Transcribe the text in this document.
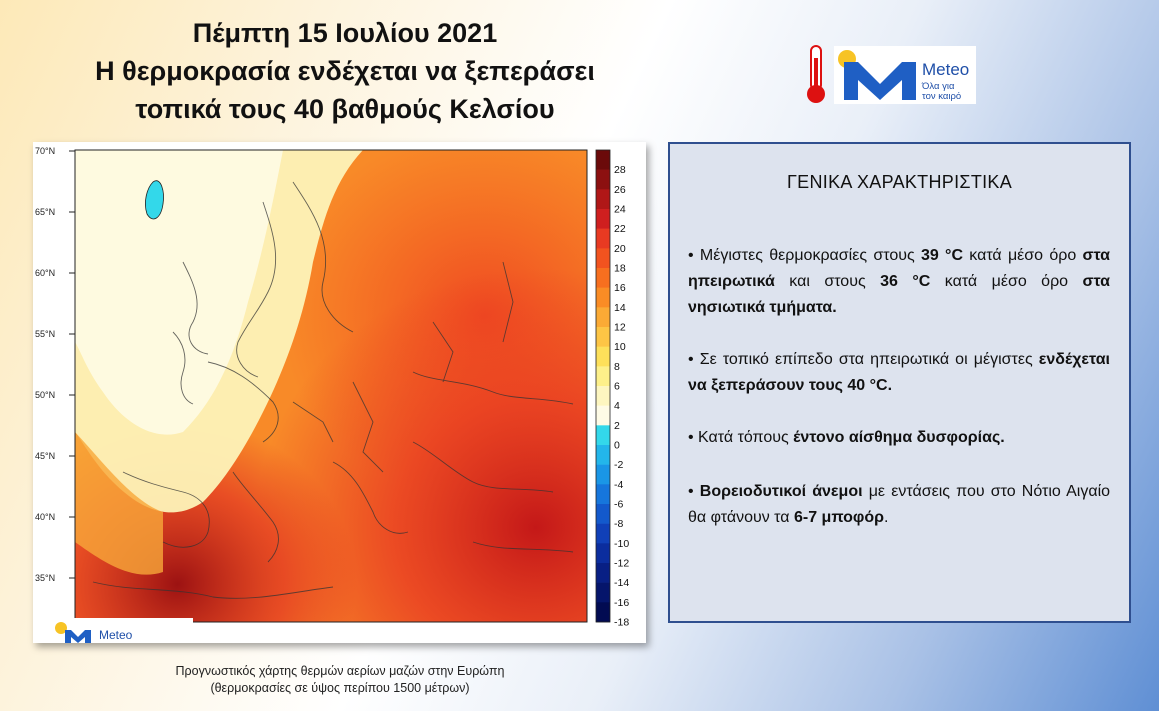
Πέμπτη 15 Ιουλίου 2021
Η θερμοκρασία ενδέχεται να ξεπεράσει
τοπικά τους 40 βαθμούς Κελσίου
Meteo
Όλα για
τον καιρό
70°N
65°N
60°N
55°N
50°N
45°N
40°N
35°N
28
26
24
22
20
18
16
14
12
10
8
6
4
2
0
-2
-4
-6
-8
-10
-12
-14
-16
-18
Meteo
Προγνωστικός χάρτης θερμών αερίων μαζών στην Ευρώπη
(θερμοκρασίες σε ύψος περίπου 1500 μέτρων)
ΓΕΝΙΚΑ ΧΑΡΑΚΤΗΡΙΣΤΙΚΑ
• Μέγιστες θερμοκρασίες στους 39 °C κατά μέσο όρο στα ηπειρωτικά και στους 36 °C κατά μέσο όρο στα νησιωτικά τμήματα.
• Σε τοπικό επίπεδο στα ηπειρωτικά οι μέγιστες ενδέχεται να ξεπεράσουν τους 40 °C.
• Κατά τόπους έντονο αίσθημα δυσφορίας.
• Βορειοδυτικοί άνεμοι με εντάσεις που στο Νότιο Αιγαίο θα φτάνουν τα 6-7 μποφόρ.
